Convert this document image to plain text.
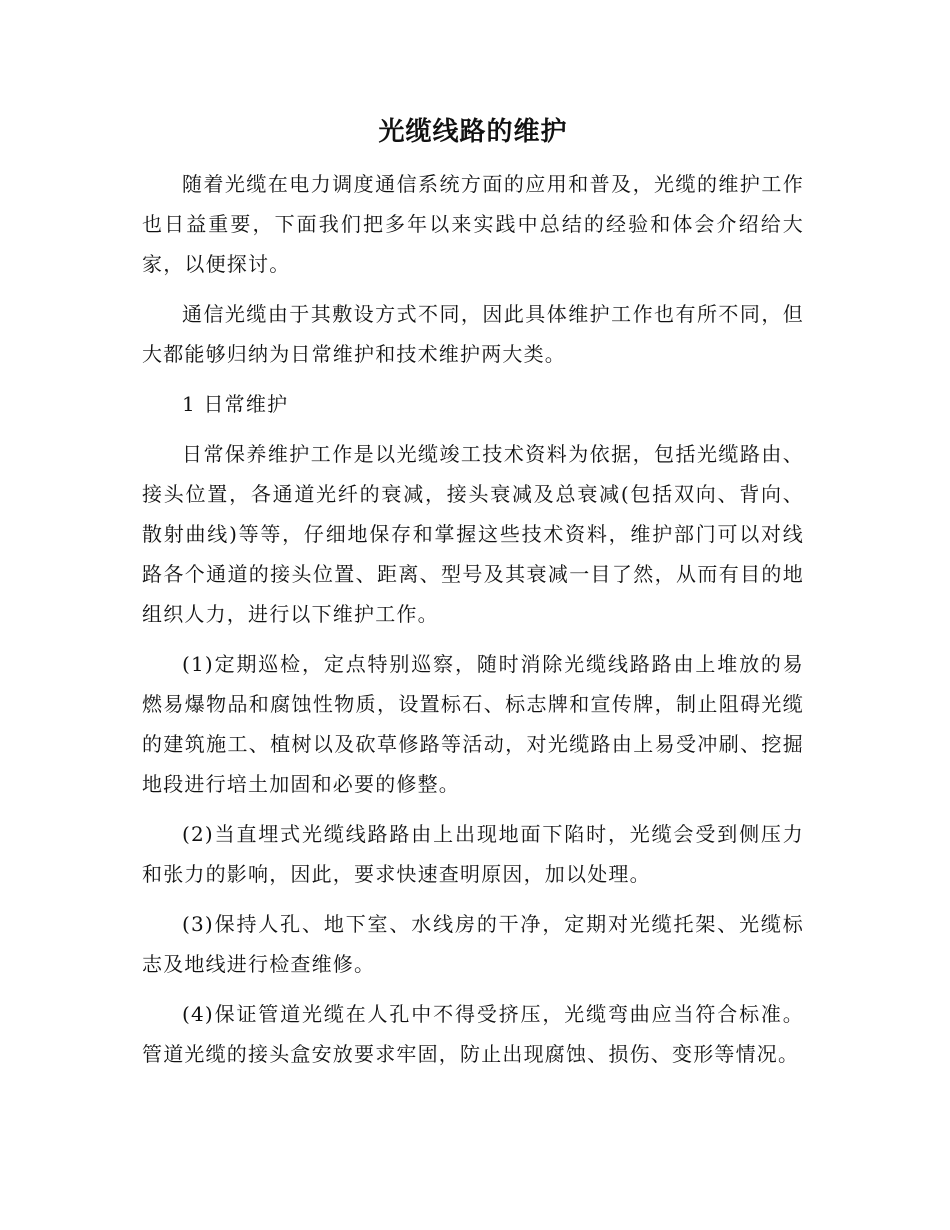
光缆线路的维护

随着光缆在电力调度通信系统方面的应用和普及，光缆的维护工作也日益重要，下面我们把多年以来实践中总结的经验和体会介绍给大家，以便探讨。

通信光缆由于其敷设方式不同，因此具体维护工作也有所不同，但大都能够归纳为日常维护和技术维护两大类。

1 日常维护

日常保养维护工作是以光缆竣工技术资料为依据，包括光缆路由、接头位置，各通道光纤的衰减，接头衰减及总衰减(包括双向、背向、散射曲线)等等，仔细地保存和掌握这些技术资料，维护部门可以对线路各个通道的接头位置、距离、型号及其衰减一目了然，从而有目的地组织人力，进行以下维护工作。

(1)定期巡检，定点特别巡察，随时消除光缆线路路由上堆放的易燃易爆物品和腐蚀性物质，设置标石、标志牌和宣传牌，制止阻碍光缆的建筑施工、植树以及砍草修路等活动，对光缆路由上易受冲刷、挖掘地段进行培土加固和必要的修整。

(2)当直埋式光缆线路路由上出现地面下陷时，光缆会受到侧压力和张力的影响，因此，要求快速查明原因，加以处理。

(3)保持人孔、地下室、水线房的干净，定期对光缆托架、光缆标志及地线进行检查维修。

(4)保证管道光缆在人孔中不得受挤压，光缆弯曲应当符合标准。管道光缆的接头盒安放要求牢固，防止出现腐蚀、损伤、变形等情况。
